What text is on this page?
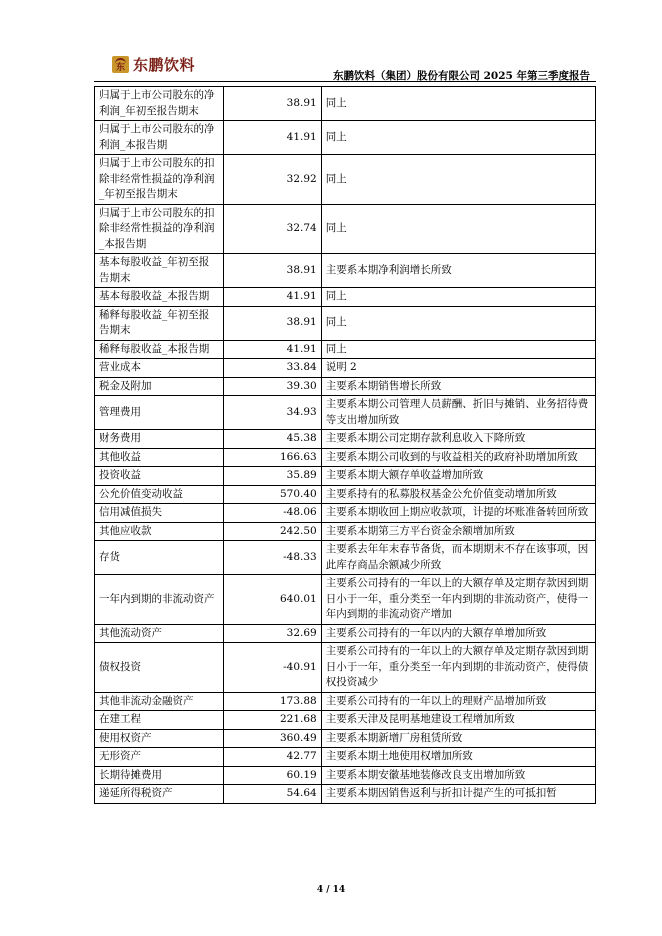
东 东鹏饮料
东鹏饮料（集团）股份有限公司 2025 年第三季度报告
归属于上市公司股东的净利润_年初至报告期末	38.91	同上
归属于上市公司股东的净利润_本报告期	41.91	同上
归属于上市公司股东的扣除非经常性损益的净利润_年初至报告期末	32.92	同上
归属于上市公司股东的扣除非经常性损益的净利润_本报告期	32.74	同上
基本每股收益_年初至报告期末	38.91	主要系本期净利润增长所致
基本每股收益_本报告期	41.91	同上
稀释每股收益_年初至报告期末	38.91	同上
稀释每股收益_本报告期	41.91	同上
营业成本	33.84	说明 2
税金及附加	39.30	主要系本期销售增长所致
管理费用	34.93	主要系本期公司管理人员薪酬、折旧与摊销、业务招待费等支出增加所致
财务费用	45.38	主要系本期公司定期存款利息收入下降所致
其他收益	166.63	主要系本期公司收到的与收益相关的政府补助增加所致
投资收益	35.89	主要系本期大额存单收益增加所致
公允价值变动收益	570.40	主要系持有的私募股权基金公允价值变动增加所致
信用减值损失	-48.06	主要系本期收回上期应收款项，计提的坏账准备转回所致
其他应收款	242.50	主要系本期第三方平台资金余额增加所致
存货	-48.33	主要系去年年末春节备货，而本期期末不存在该事项，因此库存商品余额减少所致
一年内到期的非流动资产	640.01	主要系公司持有的一年以上的大额存单及定期存款因到期日小于一年，重分类至一年内到期的非流动资产，使得一年内到期的非流动资产增加
其他流动资产	32.69	主要系公司持有的一年以内的大额存单增加所致
债权投资	-40.91	主要系公司持有的一年以上的大额存单及定期存款因到期日小于一年，重分类至一年内到期的非流动资产，使得债权投资减少
其他非流动金融资产	173.88	主要系公司持有的一年以上的理财产品增加所致
在建工程	221.68	主要系天津及昆明基地建设工程增加所致
使用权资产	360.49	主要系本期新增厂房租赁所致
无形资产	42.77	主要系本期土地使用权增加所致
长期待摊费用	60.19	主要系本期安徽基地装修改良支出增加所致
递延所得税资产	54.64	主要系本期因销售返利与折扣计提产生的可抵扣暂
4 / 14
